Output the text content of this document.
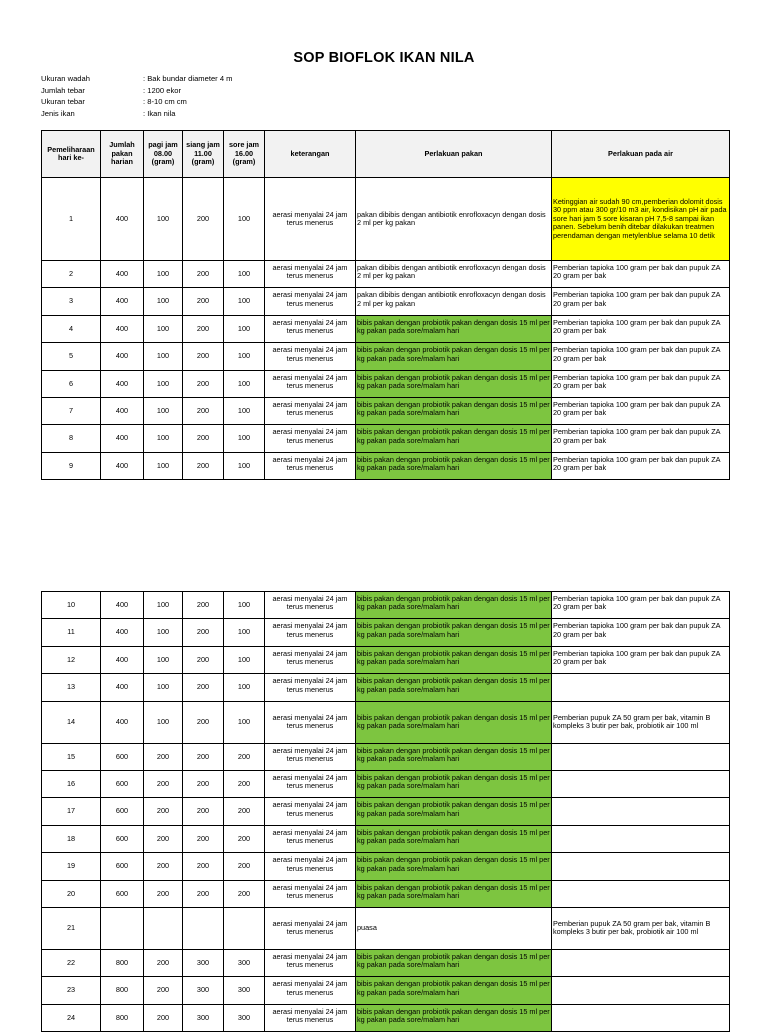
SOP BIOFLOK IKAN NILA
Ukuran wadah	: Bak bundar diameter 4 m
Jumlah tebar	: 1200 ekor
Ukuran tebar	: 8-10 cm cm
Jenis ikan	: Ikan nila
Pemeliharaan hari ke-	Jumlah pakan harian	pagi jam 08.00 (gram)	siang jam 11.00 (gram)	sore jam 16.00 (gram)	keterangan	Perlakuan pakan	Perlakuan pada air
1	400	100	200	100	aerasi menyalai 24 jam terus menerus	pakan dibibis dengan antibiotik enrofloxacyn dengan dosis 2 ml per kg pakan	Ketinggian air sudah 90 cm,pemberian dolomit dosis 30 ppm atau 300 gr/10 m3 air, kondisikan pH air pada sore hari jam 5 sore kisaran pH 7,5-8 sampai ikan panen. Sebelum benih ditebar dilakukan treatmen perendaman dengan metylenblue selama 10 detik
2	400	100	200	100	aerasi menyalai 24 jam terus menerus	pakan dibibis dengan antibiotik enrofloxacyn dengan dosis 2 ml per kg pakan	Pemberian tapioka 100 gram per bak dan pupuk ZA 20 gram per bak
3	400	100	200	100	aerasi menyalai 24 jam terus menerus	pakan dibibis dengan antibiotik enrofloxacyn dengan dosis 2 ml per kg pakan	Pemberian tapioka 100 gram per bak dan pupuk ZA 20 gram per bak
4	400	100	200	100	aerasi menyalai 24 jam terus menerus	bibis pakan dengan probiotik pakan dengan dosis 15 ml per kg pakan pada sore/malam hari	Pemberian tapioka 100 gram per bak dan pupuk ZA 20 gram per bak
5	400	100	200	100	aerasi menyalai 24 jam terus menerus	bibis pakan dengan probiotik pakan dengan dosis 15 ml per kg pakan pada sore/malam hari	Pemberian tapioka 100 gram per bak dan pupuk ZA 20 gram per bak
6	400	100	200	100	aerasi menyalai 24 jam terus menerus	bibis pakan dengan probiotik pakan dengan dosis 15 ml per kg pakan pada sore/malam hari	Pemberian tapioka 100 gram per bak dan pupuk ZA 20 gram per bak
7	400	100	200	100	aerasi menyalai 24 jam terus menerus	bibis pakan dengan probiotik pakan dengan dosis 15 ml per kg pakan pada sore/malam hari	Pemberian tapioka 100 gram per bak dan pupuk ZA 20 gram per bak
8	400	100	200	100	aerasi menyalai 24 jam terus menerus	bibis pakan dengan probiotik pakan dengan dosis 15 ml per kg pakan pada sore/malam hari	Pemberian tapioka 100 gram per bak dan pupuk ZA 20 gram per bak
9	400	100	200	100	aerasi menyalai 24 jam terus menerus	bibis pakan dengan probiotik pakan dengan dosis 15 ml per kg pakan pada sore/malam hari	Pemberian tapioka 100 gram per bak dan pupuk ZA 20 gram per bak
10	400	100	200	100	aerasi menyalai 24 jam terus menerus	bibis pakan dengan probiotik pakan dengan dosis 15 ml per kg pakan pada sore/malam hari	Pemberian tapioka 100 gram per bak dan pupuk ZA 20 gram per bak
11	400	100	200	100	aerasi menyalai 24 jam terus menerus	bibis pakan dengan probiotik pakan dengan dosis 15 ml per kg pakan pada sore/malam hari	Pemberian tapioka 100 gram per bak dan pupuk ZA 20 gram per bak
12	400	100	200	100	aerasi menyalai 24 jam terus menerus	bibis pakan dengan probiotik pakan dengan dosis 15 ml per kg pakan pada sore/malam hari	Pemberian tapioka 100 gram per bak dan pupuk ZA 20 gram per bak
13	400	100	200	100	aerasi menyalai 24 jam terus menerus	bibis pakan dengan probiotik pakan dengan dosis 15 ml per kg pakan pada sore/malam hari	
14	400	100	200	100	aerasi menyalai 24 jam terus menerus	bibis pakan dengan probiotik pakan dengan dosis 15 ml per kg pakan pada sore/malam hari	Pemberian pupuk ZA 50 gram per bak, vitamin B kompleks 3 butir per bak, probiotik air 100 ml
15	600	200	200	200	aerasi menyalai 24 jam terus menerus	bibis pakan dengan probiotik pakan dengan dosis 15 ml per kg pakan pada sore/malam hari	
16	600	200	200	200	aerasi menyalai 24 jam terus menerus	bibis pakan dengan probiotik pakan dengan dosis 15 ml per kg pakan pada sore/malam hari	
17	600	200	200	200	aerasi menyalai 24 jam terus menerus	bibis pakan dengan probiotik pakan dengan dosis 15 ml per kg pakan pada sore/malam hari	
18	600	200	200	200	aerasi menyalai 24 jam terus menerus	bibis pakan dengan probiotik pakan dengan dosis 15 ml per kg pakan pada sore/malam hari	
19	600	200	200	200	aerasi menyalai 24 jam terus menerus	bibis pakan dengan probiotik pakan dengan dosis 15 ml per kg pakan pada sore/malam hari	
20	600	200	200	200	aerasi menyalai 24 jam terus menerus	bibis pakan dengan probiotik pakan dengan dosis 15 ml per kg pakan pada sore/malam hari	
21					aerasi menyalai 24 jam terus menerus	puasa	Pemberian pupuk ZA 50 gram per bak, vitamin B kompleks 3 butir per bak, probiotik air 100 ml
22	800	200	300	300	aerasi menyalai 24 jam terus menerus	bibis pakan dengan probiotik pakan dengan dosis 15 ml per kg pakan pada sore/malam hari	
23	800	200	300	300	aerasi menyalai 24 jam terus menerus	bibis pakan dengan probiotik pakan dengan dosis 15 ml per kg pakan pada sore/malam hari	
24	800	200	300	300	aerasi menyalai 24 jam terus menerus	bibis pakan dengan probiotik pakan dengan dosis 15 ml per kg pakan pada sore/malam hari	
